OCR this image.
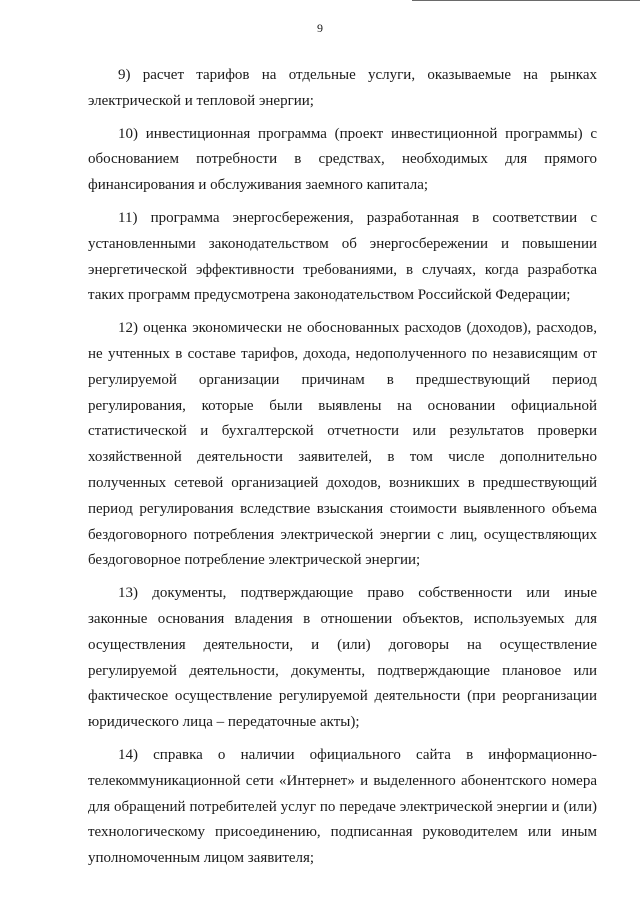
9

9) расчет тарифов на отдельные услуги, оказываемые на рынках электрической и тепловой энергии;

10) инвестиционная программа (проект инвестиционной программы) с обоснованием потребности в средствах, необходимых для прямого финансирования и обслуживания заемного капитала;

11) программа энергосбережения, разработанная в соответствии с установленными законодательством об энергосбережении и повышении энергетической эффективности требованиями, в случаях, когда разработка таких программ предусмотрена законодательством Российской Федерации;

12) оценка экономически не обоснованных расходов (доходов), расходов, не учтенных в составе тарифов, дохода, недополученного по независящим от регулируемой организации причинам в предшествующий период регулирования, которые были выявлены на основании официальной статистической и бухгалтерской отчетности или результатов проверки хозяйственной деятельности заявителей, в том числе дополнительно полученных сетевой организацией доходов, возникших в предшествующий период регулирования вследствие взыскания стоимости выявленного объема бездоговорного потребления электрической энергии с лиц, осуществляющих бездоговорное потребление электрической энергии;

13) документы, подтверждающие право собственности или иные законные основания владения в отношении объектов, используемых для осуществления деятельности, и (или) договоры на осуществление регулируемой деятельности, документы, подтверждающие плановое или фактическое осуществление регулируемой деятельности (при реорганизации юридического лица – передаточные акты);

14) справка о наличии официального сайта в информационно-телекоммуникационной сети «Интернет» и выделенного абонентского номера для обращений потребителей услуг по передаче электрической энергии и (или) технологическому присоединению, подписанная руководителем или иным уполномоченным лицом заявителя;
